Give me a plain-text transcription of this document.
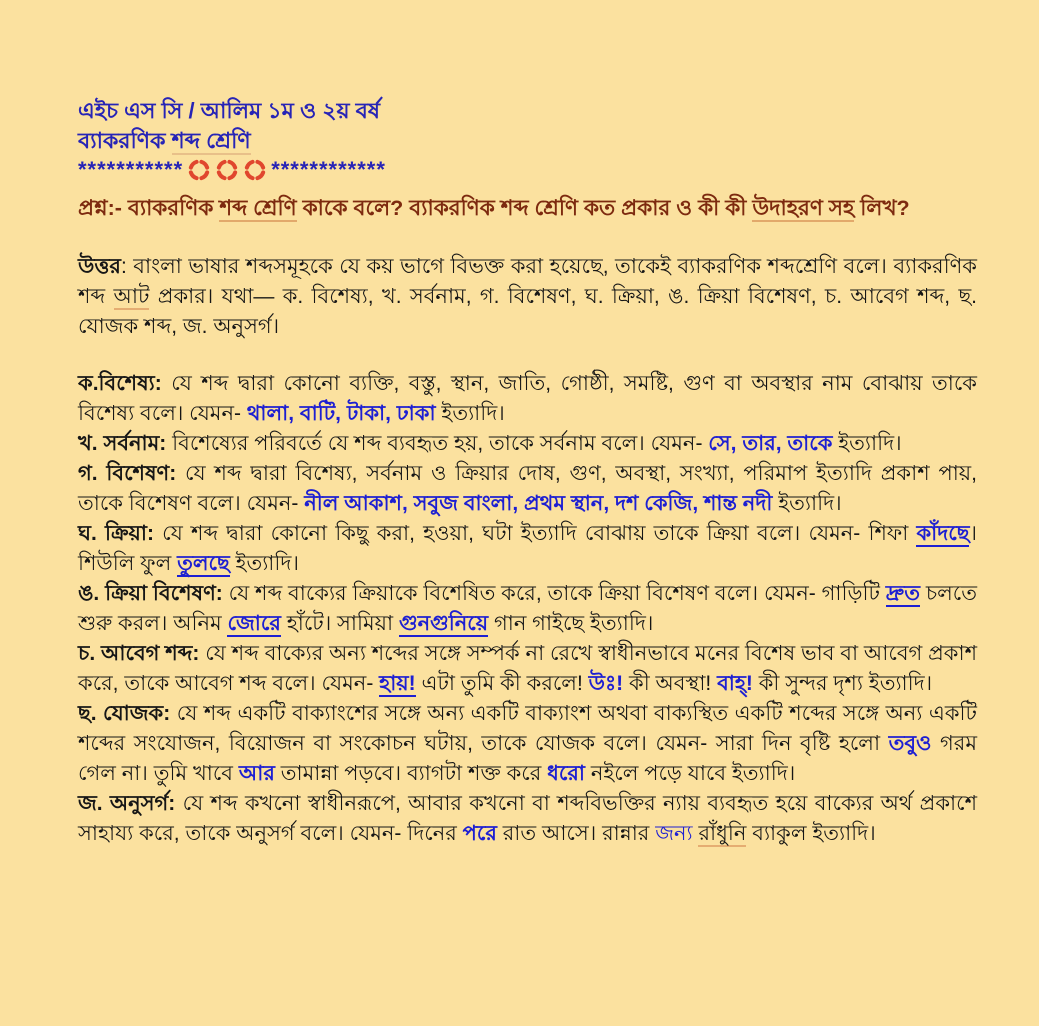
এইচ এস সি / আলিম ১ম ও ২য় বর্ষ

ব্যাকরণিক শব্দ শ্রেণি

***********	************

প্রশ্ন:- ব্যাকরণিক শব্দ শ্রেণি কাকে বলে? ব্যাকরণিক শব্দ শ্রেণি কত প্রকার ও কী কী উদাহরণ সহ লিখ?

উত্তর: বাংলা ভাষার শব্দসমূহকে যে কয় ভাগে বিভক্ত করা হয়েছে, তাকেই ব্যাকরণিক শব্দশ্রেণি বলে। ব্যাকরণিক শব্দ আট প্রকার। যথা— ক. বিশেষ্য, খ. সর্বনাম, গ. বিশেষণ, ঘ. ক্রিয়া, ঙ. ক্রিয়া বিশেষণ, চ. আবেগ শব্দ, ছ. যোজক শব্দ, জ. অনুসর্গ।

ক.বিশেষ্য: যে শব্দ দ্বারা কোনো ব্যক্তি, বস্তু, স্থান, জাতি, গোষ্ঠী, সমষ্টি, গুণ বা অবস্থার নাম বোঝায় তাকে বিশেষ্য বলে। যেমন- থালা, বাটি, টাকা, ঢাকা ইত্যাদি।

খ. সর্বনাম: বিশেষ্যের পরিবর্তে যে শব্দ ব্যবহৃত হয়, তাকে সর্বনাম বলে। যেমন- সে, তার, তাকে ইত্যাদি।

গ. বিশেষণ: যে শব্দ দ্বারা বিশেষ্য, সর্বনাম ও ক্রিয়ার দোষ, গুণ, অবস্থা, সংখ্যা, পরিমাপ ইত্যাদি প্রকাশ পায়, তাকে বিশেষণ বলে। যেমন- নীল আকাশ, সবুজ বাংলা, প্রথম স্থান, দশ কেজি, শান্ত নদী ইত্যাদি।

ঘ. ক্রিয়া: যে শব্দ দ্বারা কোনো কিছু করা, হওয়া, ঘটা ইত্যাদি বোঝায় তাকে ক্রিয়া বলে। যেমন- শিফা কাঁদছে। শিউলি ফুল তুলছে ইত্যাদি।

ঙ. ক্রিয়া বিশেষণ: যে শব্দ বাক্যের ক্রিয়াকে বিশেষিত করে, তাকে ক্রিয়া বিশেষণ বলে। যেমন- গাড়িটি দ্রুত চলতে শুরু করল। অনিম জোরে হাঁটে। সামিয়া গুনগুনিয়ে গান গাইছে ইত্যাদি।

চ. আবেগ শব্দ: যে শব্দ বাক্যের অন্য শব্দের সঙ্গে সম্পর্ক না রেখে স্বাধীনভাবে মনের বিশেষ ভাব বা আবেগ প্রকাশ করে, তাকে আবেগ শব্দ বলে। যেমন- হায়! এটা তুমি কী করলে! উঃ! কী অবস্থা! বাহ্! কী সুন্দর দৃশ্য ইত্যাদি।

ছ. যোজক: যে শব্দ একটি বাক্যাংশের সঙ্গে অন্য একটি বাক্যাংশ অথবা বাক্যস্থিত একটি শব্দের সঙ্গে অন্য একটি শব্দের সংযোজন, বিয়োজন বা সংকোচন ঘটায়, তাকে যোজক বলে। যেমন- সারা দিন বৃষ্টি হলো তবুও গরম গেল না। তুমি খাবে আর তামান্না পড়বে। ব্যাগটা শক্ত করে ধরো নইলে পড়ে যাবে ইত্যাদি।

জ. অনুসর্গ: যে শব্দ কখনো স্বাধীনরূপে, আবার কখনো বা শব্দবিভক্তির ন্যায় ব্যবহৃত হয়ে বাক্যের অর্থ প্রকাশে সাহায্য করে, তাকে অনুসর্গ বলে। যেমন- দিনের পরে রাত আসে। রান্নার জন্য রাঁধুনি ব্যাকুল ইত্যাদি।
